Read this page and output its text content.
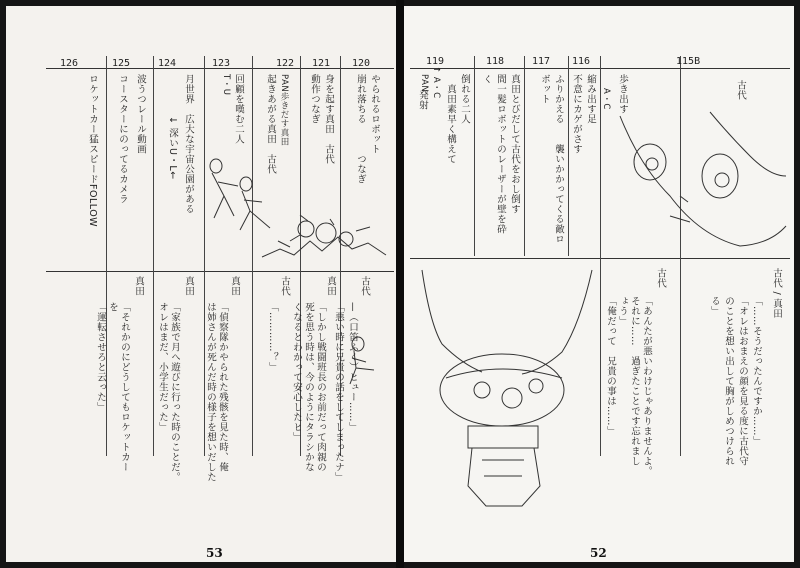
126
ロケットカー猛スピードFOLLOW
125
波うつレール動画
コースターにのってるカメラ
真田
「それかのにどうしてもロケットカー
を
「運転させろと云った」
124
月世界　広大な宇宙公園がある
↓ 深いU・L←
真田
「家族で月へ遊びに行った時のことだ。
オレはまだ、小学生だった」
123
回顧を嘆む二人
T・U
真田
「偵察隊かやられた残骸を見た時、俺
は姉さんが死んだ時の様子を想いだした
122
PAN歩きだす真田
起きあがる真田　古代
古代
「…………？」
121
身を起す真田　古代
動作つなぎ
真田
「しかし戦闘班長のお前だって肉親の
死を思う時は、今のようにタラシかな
くなるとわかって安心したヒ」
120
やられるロボット
崩れ落ちる　　　つなぎ
古代
—（口笛ふく）ヒュー……」
「悪い時に兄貴の話をしてしまったナ」
53
119
倒れる二人
　真田素早く構えて
発射
PAN ↑ A・C
118
真田とびだして古代をおし倒す
間一髪ロボットのレーザーが壁を砕
く
117
ふりかえる　　襲いかかってくる敵ロ
ボット
116
縮み出す足
不意にカゲがさす A・C
古代
「あんたが悪いわけじゃありませんよ。
それに……　過ぎたことです忘れまし
ょう」
「俺だって　兄貴の事は……」
115B
古代
歩き出す
古代 / 真田
「……そうだったんですか……」
「オレはおまえの顔を見る度に古代守
のことを想い出して胸がしめつけられ
る」
52
